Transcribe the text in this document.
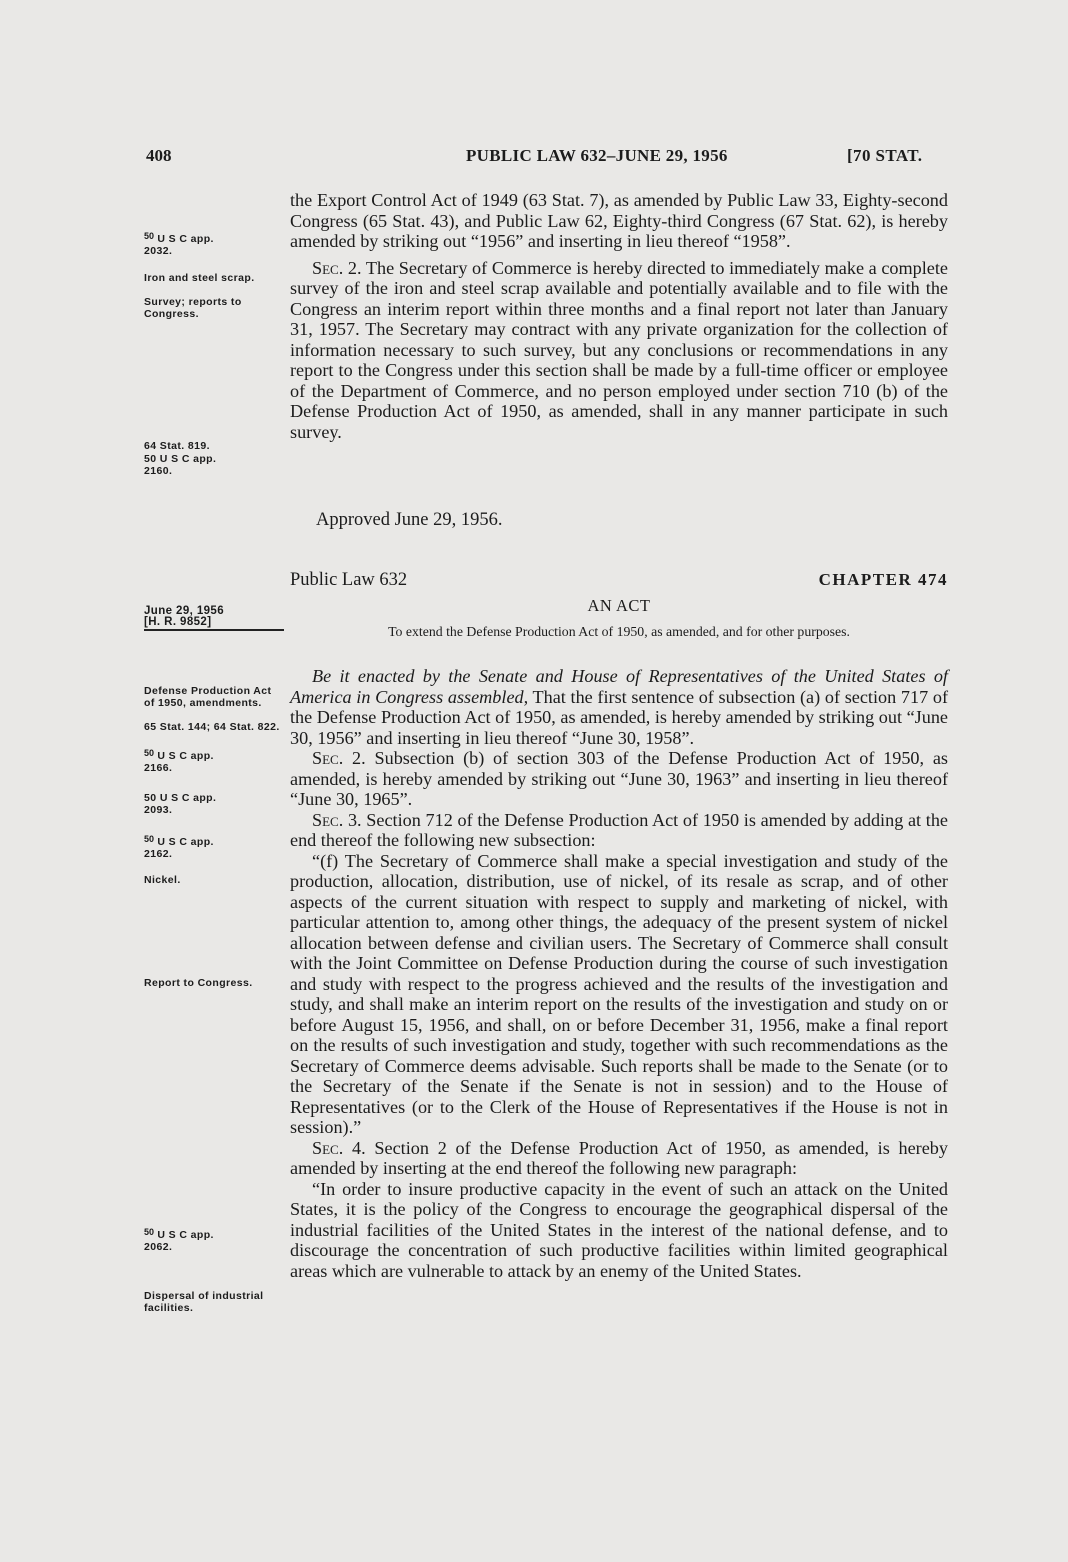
408	PUBLIC LAW 632–JUNE 29, 1956	[70 STAT.
50 U S C app.
2032.
Iron and steel scrap.
Survey; reports to Congress.
64 Stat. 819.
50 U S C app.
2160.
June 29, 1956
[H. R. 9852]
Defense Production Act of 1950, amendments.
65 Stat. 144; 64 Stat. 822.
50 U S C app.
2166.
50 U S C app.
2093.
50 U S C app.
2162.
Nickel.
Report to Congress.
50 U S C app.
2062.
Dispersal of industrial facilities.

the Export Control Act of 1949 (63 Stat. 7), as amended by Public Law 33, Eighty-second Congress (65 Stat. 43), and Public Law 62, Eighty-third Congress (67 Stat. 62), is hereby amended by striking out “1956” and inserting in lieu thereof “1958”.

Sec. 2. The Secretary of Commerce is hereby directed to immediately make a complete survey of the iron and steel scrap available and potentially available and to file with the Congress an interim report within three months and a final report not later than January 31, 1957. The Secretary may contract with any private organization for the collection of information necessary to such survey, but any conclusions or recommendations in any report to the Congress under this section shall be made by a full-time officer or employee of the Department of Commerce, and no person employed under section 710 (b) of the Defense Production Act of 1950, as amended, shall in any manner participate in such survey.

Approved June 29, 1956.
Public Law 632	CHAPTER 474
AN ACT
To extend the Defense Production Act of 1950, as amended, and for other purposes.

Be it enacted by the Senate and House of Representatives of the United States of America in Congress assembled, That the first sentence of subsection (a) of section 717 of the Defense Production Act of 1950, as amended, is hereby amended by striking out “June 30, 1956” and inserting in lieu thereof “June 30, 1958”.

Sec. 2. Subsection (b) of section 303 of the Defense Production Act of 1950, as amended, is hereby amended by striking out “June 30, 1963” and inserting in lieu thereof “June 30, 1965”.

Sec. 3. Section 712 of the Defense Production Act of 1950 is amended by adding at the end thereof the following new subsection:

“(f) The Secretary of Commerce shall make a special investigation and study of the production, allocation, distribution, use of nickel, of its resale as scrap, and of other aspects of the current situation with respect to supply and marketing of nickel, with particular attention to, among other things, the adequacy of the present system of nickel allocation between defense and civilian users. The Secretary of Commerce shall consult with the Joint Committee on Defense Production during the course of such investigation and study with respect to the progress achieved and the results of the investigation and study, and shall make an interim report on the results of the investigation and study on or before August 15, 1956, and shall, on or before December 31, 1956, make a final report on the results of such investigation and study, together with such recommendations as the Secretary of Commerce deems advisable. Such reports shall be made to the Senate (or to the Secretary of the Senate if the Senate is not in session) and to the House of Representatives (or to the Clerk of the House of Representatives if the House is not in session).”

Sec. 4. Section 2 of the Defense Production Act of 1950, as amended, is hereby amended by inserting at the end thereof the following new paragraph:

“In order to insure productive capacity in the event of such an attack on the United States, it is the policy of the Congress to encourage the geographical dispersal of the industrial facilities of the United States in the interest of the national defense, and to discourage the concentration of such productive facilities within limited geographical areas which are vulnerable to attack by an enemy of the United States.
